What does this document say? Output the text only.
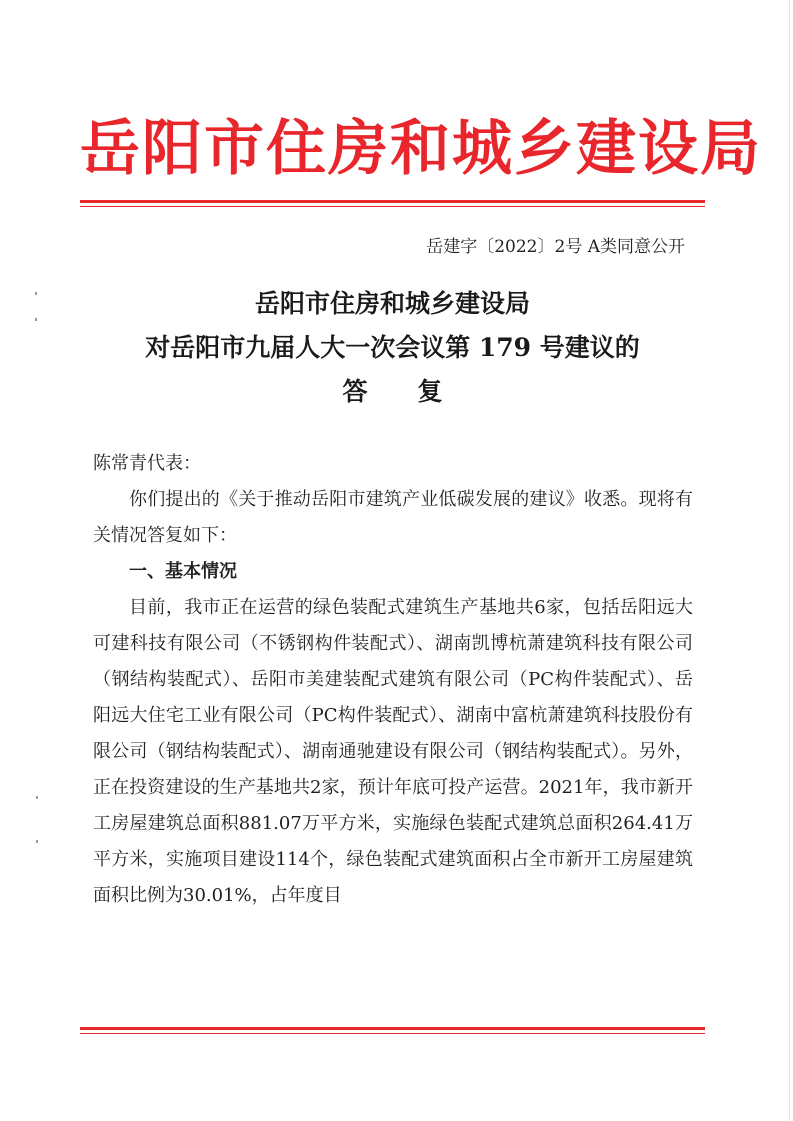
岳阳市住房和城乡建设局
岳建字〔2022〕2号 A类同意公开
岳阳市住房和城乡建设局
对岳阳市九届人大一次会议第 179 号建议的
答复

陈常青代表：

你们提出的《关于推动岳阳市建筑产业低碳发展的建议》收悉。现将有关情况答复如下：

一、基本情况

目前，我市正在运营的绿色装配式建筑生产基地共6家，包括岳阳远大可建科技有限公司（不锈钢构件装配式）、湖南凯博杭萧建筑科技有限公司（钢结构装配式）、岳阳市美建装配式建筑有限公司（PC构件装配式）、岳阳远大住宅工业有限公司（PC构件装配式）、湖南中富杭萧建筑科技股份有限公司（钢结构装配式）、湖南通驰建设有限公司（钢结构装配式）。另外，正在投资建设的生产基地共2家，预计年底可投产运营。2021年，我市新开工房屋建筑总面积881.07万平方米，实施绿色装配式建筑总面积264.41万平方米，实施项目建设114个，绿色装配式建筑面积占全市新开工房屋建筑面积比例为30.01%，占年度目
